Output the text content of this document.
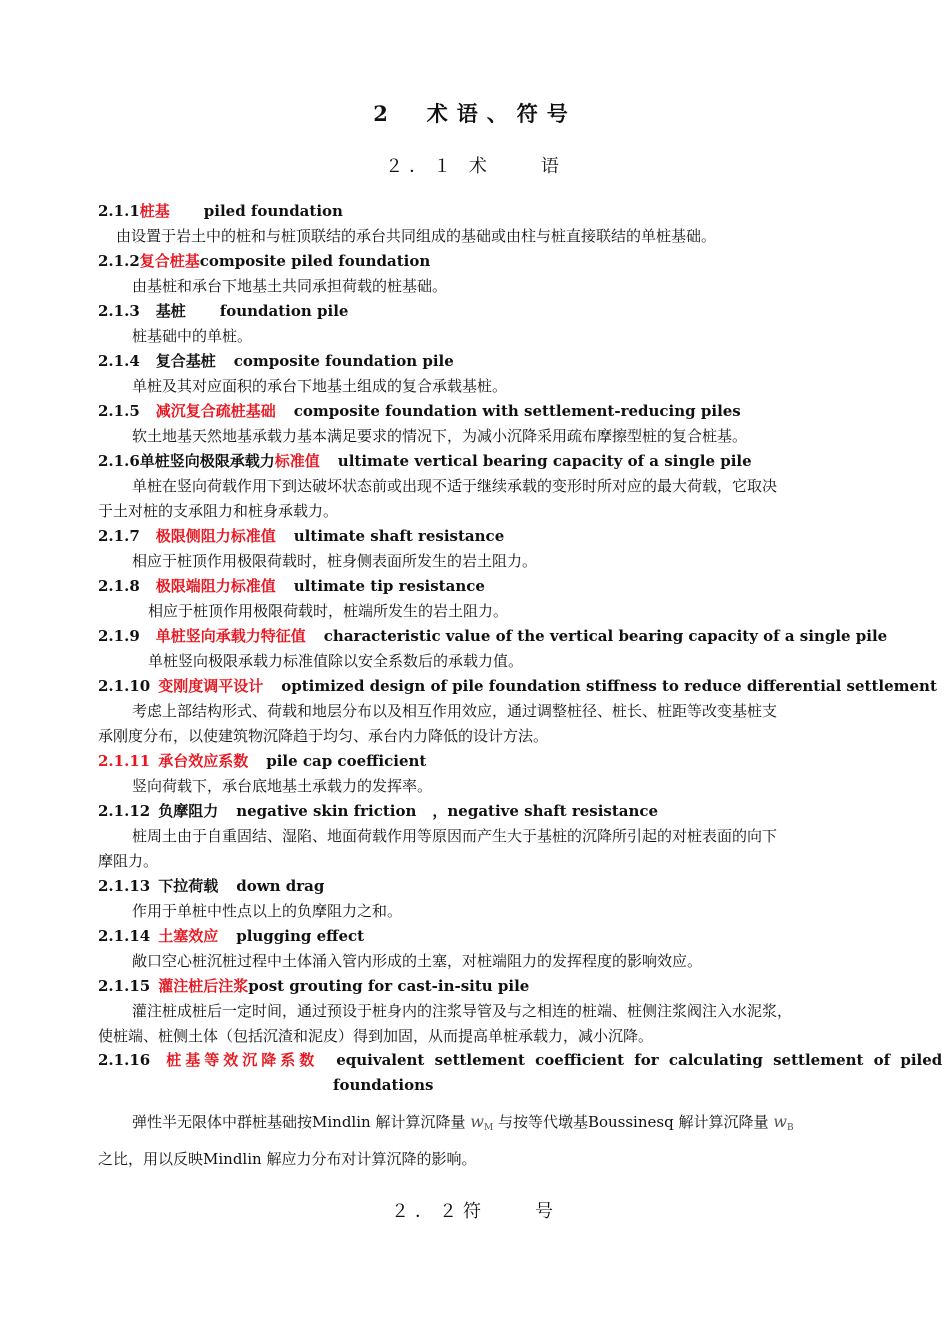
2　术语、符号
２．１ 术　　语
2.1.1桩基 piled foundation
由设置于岩土中的桩和与桩顶联结的承台共同组成的基础或由柱与桩直接联结的单桩基础。
2.1.2复合桩基composite piled foundation
由基桩和承台下地基土共同承担荷载的桩基础。
2.1.3 基桩 foundation pile
桩基础中的单桩。
2.1.4 复合基桩 composite foundation pile
单桩及其对应面积的承台下地基土组成的复合承载基桩。
2.1.5 减沉复合疏桩基础 composite foundation with settlement-reducing piles
软土地基天然地基承载力基本满足要求的情况下，为减小沉降采用疏布摩擦型桩的复合桩基。
2.1.6单桩竖向极限承载力标准值 ultimate vertical bearing capacity of a single pile
单桩在竖向荷载作用下到达破坏状态前或出现不适于继续承载的变形时所对应的最大荷载，它取决
于土对桩的支承阻力和桩身承载力。
2.1.7 极限侧阻力标准值 ultimate shaft resistance
相应于桩顶作用极限荷载时，桩身侧表面所发生的岩土阻力。
2.1.8 极限端阻力标准值 ultimate tip resistance
相应于桩顶作用极限荷载时，桩端所发生的岩土阻力。
2.1.9 单桩竖向承载力特征值 characteristic value of the vertical bearing capacity of a single pile
单桩竖向极限承载力标准值除以安全系数后的承载力值。
2.1.10 变刚度调平设计 optimized design of pile foundation stiffness to reduce differential settlement
考虑上部结构形式、荷载和地层分布以及相互作用效应，通过调整桩径、桩长、桩距等改变基桩支
承刚度分布，以使建筑物沉降趋于均匀、承台内力降低的设计方法。
2.1.11 承台效应系数 pile cap coefficient
竖向荷载下，承台底地基土承载力的发挥率。
2.1.12 负摩阻力 negative skin friction ，negative shaft resistance
桩周土由于自重固结、湿陷、地面荷载作用等原因而产生大于基桩的沉降所引起的对桩表面的向下
摩阻力。
2.1.13 下拉荷载 down drag
作用于单桩中性点以上的负摩阻力之和。
2.1.14 土塞效应 plugging effect
敞口空心桩沉桩过程中土体涌入管内形成的土塞，对桩端阻力的发挥程度的影响效应。
2.1.15 灌注桩后注浆post grouting for cast-in-situ pile
灌注桩成桩后一定时间，通过预设于桩身内的注浆导管及与之相连的桩端、桩侧注浆阀注入水泥浆，
使桩端、桩侧土体（包括沉渣和泥皮）得到加固，从而提高单桩承载力，减小沉降。
2.1.16 桩基等效沉降系数 equivalent settlement coefficient for calculating settlement of piled
foundations
弹性半无限体中群桩基础按Mindlin 解计算沉降量 wM 与按等代墩基Boussinesq 解计算沉降量 wB
之比，用以反映Mindlin 解应力分布对计算沉降的影响。
２．２符　　号
